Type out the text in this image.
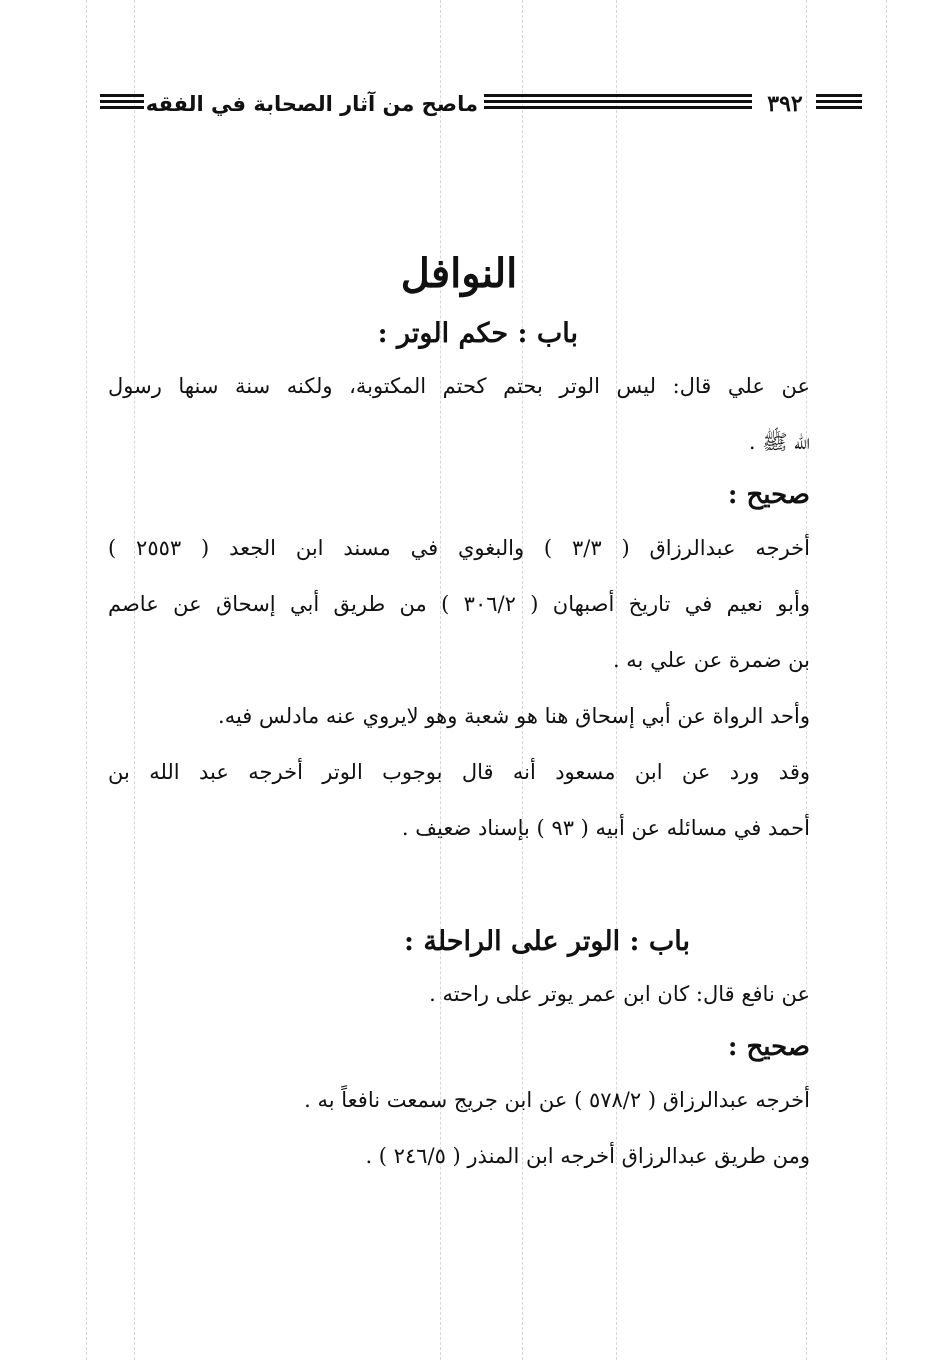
ماصح من آثار الصحابة في الفقه	٣٩٢
النوافل
باب : حكم الوتر :

عن علي قال: ليس الوتر بحتم كحتم المكتوبة، ولكنه سنة سنها رسول

الله ﷺ .

صحيح :

أخرجه عبدالرزاق ( ٣/٣ ) والبغوي في مسند ابن الجعد ( ٢٥٥٣ )

وأبو نعيم في تاريخ أصبهان ( ٣٠٦/٢ ) من طريق أبي إسحاق عن عاصم

بن ضمرة عن علي به .

وأحد الرواة عن أبي إسحاق هنا هو شعبة وهو لايروي عنه مادلس فيه.

وقد ورد عن ابن مسعود أنه قال بوجوب الوتر أخرجه عبد الله بن

أحمد في مسائله عن أبيه ( ٩٣ ) بإسناد ضعيف .

باب : الوتر على الراحلة :

عن نافع قال: كان ابن عمر يوتر على راحته .

صحيح :

أخرجه عبدالرزاق ( ٥٧٨/٢ ) عن ابن جريج سمعت نافعاً به .

ومن طريق عبدالرزاق أخرجه ابن المنذر ( ٢٤٦/٥ ) .
